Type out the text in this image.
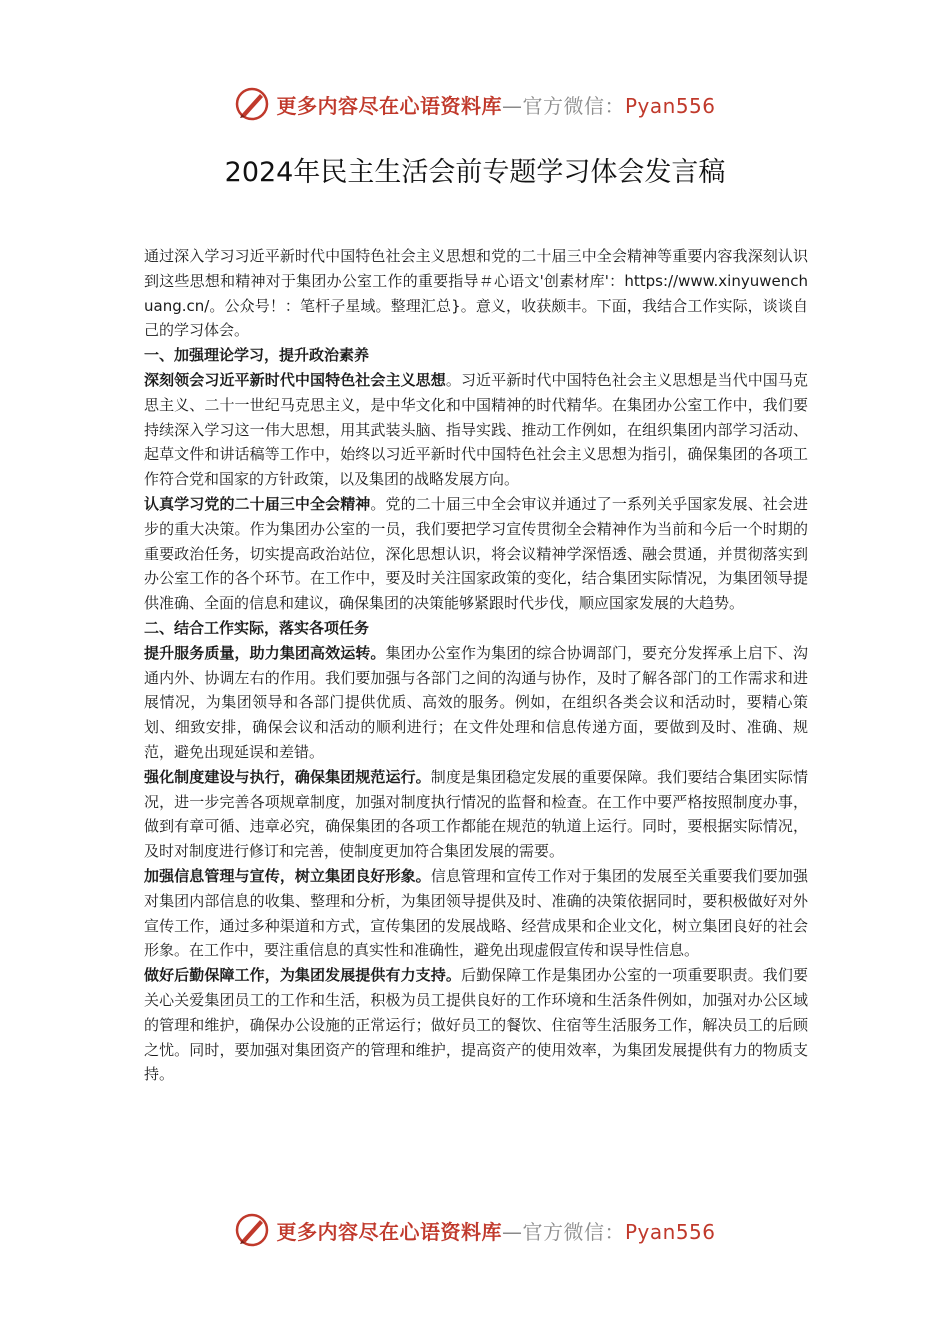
更多内容尽在心语资料库—官方微信：Pyan556
2024年民主生活会前专题学习体会发言稿

通过深入学习习近平新时代中国特色社会主义思想和党的二十届三中全会精神等重要内容我深刻认识到这些思想和精神对于集团办公室工作的重要指导＃心语文'创素材库'：https://www.xinyuwenchuang.cn/。公众号！：笔杆子星域。整理汇总}。意义，收获颇丰。下面，我结合工作实际，谈谈自己的学习体会。

一、加强理论学习，提升政治素养

深刻领会习近平新时代中国特色社会主义思想。习近平新时代中国特色社会主义思想是当代中国马克思主义、二十一世纪马克思主义，是中华文化和中国精神的时代精华。在集团办公室工作中，我们要持续深入学习这一伟大思想，用其武装头脑、指导实践、推动工作例如，在组织集团内部学习活动、起草文件和讲话稿等工作中，始终以习近平新时代中国特色社会主义思想为指引，确保集团的各项工作符合党和国家的方针政策，以及集团的战略发展方向。

认真学习党的二十届三中全会精神。党的二十届三中全会审议并通过了一系列关乎国家发展、社会进步的重大决策。作为集团办公室的一员，我们要把学习宣传贯彻全会精神作为当前和今后一个时期的重要政治任务，切实提高政治站位，深化思想认识，将会议精神学深悟透、融会贯通，并贯彻落实到办公室工作的各个环节。在工作中，要及时关注国家政策的变化，结合集团实际情况，为集团领导提供准确、全面的信息和建议，确保集团的决策能够紧跟时代步伐，顺应国家发展的大趋势。

二、结合工作实际，落实各项任务

提升服务质量，助力集团高效运转。集团办公室作为集团的综合协调部门，要充分发挥承上启下、沟通内外、协调左右的作用。我们要加强与各部门之间的沟通与协作，及时了解各部门的工作需求和进展情况，为集团领导和各部门提供优质、高效的服务。例如，在组织各类会议和活动时，要精心策划、细致安排，确保会议和活动的顺利进行；在文件处理和信息传递方面，要做到及时、准确、规范，避免出现延误和差错。

强化制度建设与执行，确保集团规范运行。制度是集团稳定发展的重要保障。我们要结合集团实际情况，进一步完善各项规章制度，加强对制度执行情况的监督和检查。在工作中要严格按照制度办事，做到有章可循、违章必究，确保集团的各项工作都能在规范的轨道上运行。同时，要根据实际情况，及时对制度进行修订和完善，使制度更加符合集团发展的需要。

加强信息管理与宣传，树立集团良好形象。信息管理和宣传工作对于集团的发展至关重要我们要加强对集团内部信息的收集、整理和分析，为集团领导提供及时、准确的决策依据同时，要积极做好对外宣传工作，通过多种渠道和方式，宣传集团的发展战略、经营成果和企业文化，树立集团良好的社会形象。在工作中，要注重信息的真实性和准确性，避免出现虚假宣传和误导性信息。

做好后勤保障工作，为集团发展提供有力支持。后勤保障工作是集团办公室的一项重要职责。我们要关心关爱集团员工的工作和生活，积极为员工提供良好的工作环境和生活条件例如，加强对办公区域的管理和维护，确保办公设施的正常运行；做好员工的餐饮、住宿等生活服务工作，解决员工的后顾之忧。同时，要加强对集团资产的管理和维护，提高资产的使用效率，为集团发展提供有力的物质支持。

更多内容尽在心语资料库—官方微信：Pyan556
